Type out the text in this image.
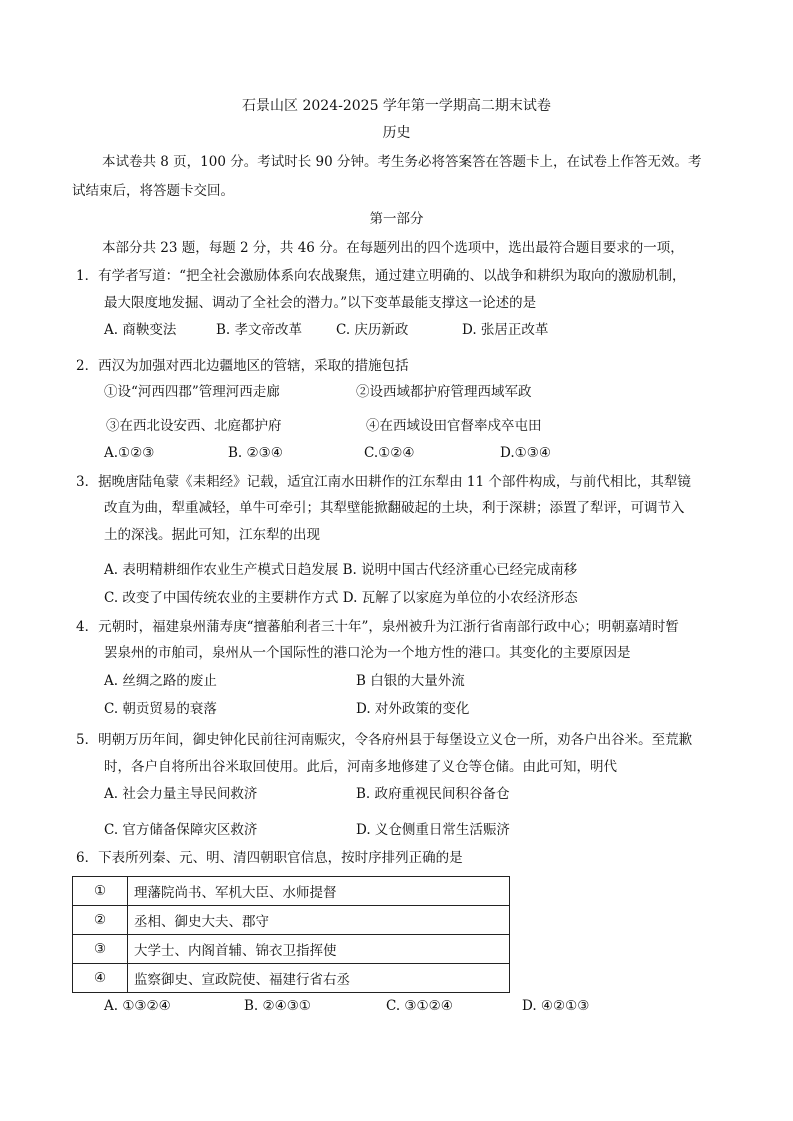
石景山区 2024-2025 学年第一学期高二期末试卷
历史
本试卷共 8 页，100 分。考试时长 90 分钟。考生务必将答案答在答题卡上，在试卷上作答无效。考
试结束后，将答题卡交回。
第一部分
本部分共 23 题，每题 2 分，共 46 分。在每题列出的四个选项中，选出最符合题目要求的一项，
1．有学者写道：“把全社会激励体系向农战聚焦，通过建立明确的、以战争和耕织为取向的激励机制，
最大限度地发掘、调动了全社会的潜力。”以下变革最能支撑这一论述的是
A. 商鞅变法	B. 孝文帝改革	C. 庆历新政	D. 张居正改革
2．西汉为加强对西北边疆地区的管辖，采取的措施包括
①设“河西四郡”管理河西走廊	②设西域都护府管理西域军政
③在西北设安西、北庭都护府	④在西域设田官督率戍卒屯田
A.①②③	B. ②③④	C.①②④	D.①③④
3．据晚唐陆龟蒙《耒耜经》记载，适宜江南水田耕作的江东犁由 11 个部件构成，与前代相比，其犁镜
改直为曲，犁重减轻，单牛可牵引；其犁壁能掀翻破起的土块，利于深耕；添置了犁评，可调节入
土的深浅。据此可知，江东犁的出现
A. 表明精耕细作农业生产模式日趋发展 B. 说明中国古代经济重心已经完成南移
C. 改变了中国传统农业的主要耕作方式 D. 瓦解了以家庭为单位的小农经济形态
4．元朝时，福建泉州蒲寿庚“擅蕃舶利者三十年”，泉州被升为江浙行省南部行政中心；明朝嘉靖时暂
罢泉州的市舶司，泉州从一个国际性的港口沦为一个地方性的港口。其变化的主要原因是
A. 丝绸之路的废止	B 白银的大量外流
C. 朝贡贸易的衰落	D. 对外政策的变化
5．明朝万历年间，御史钟化民前往河南赈灾，令各府州县于每堡设立义仓一所，劝各户出谷米。至荒歉
时，各户自将所出谷米取回使用。此后，河南多地修建了义仓等仓储。由此可知，明代
A. 社会力量主导民间救济	B. 政府重视民间积谷备仓
C. 官方储备保障灾区救济	D. 义仓侧重日常生活赈济
6．下表所列秦、元、明、清四朝职官信息，按时序排列正确的是
①	理藩院尚书、军机大臣、水师提督
②	丞相、御史大夫、郡守
③	大学士、内阁首辅、锦衣卫指挥使
④	监察御史、宣政院使、福建行省右丞
A. ①③②④	B. ②④③①	C. ③①②④	D. ④②①③
